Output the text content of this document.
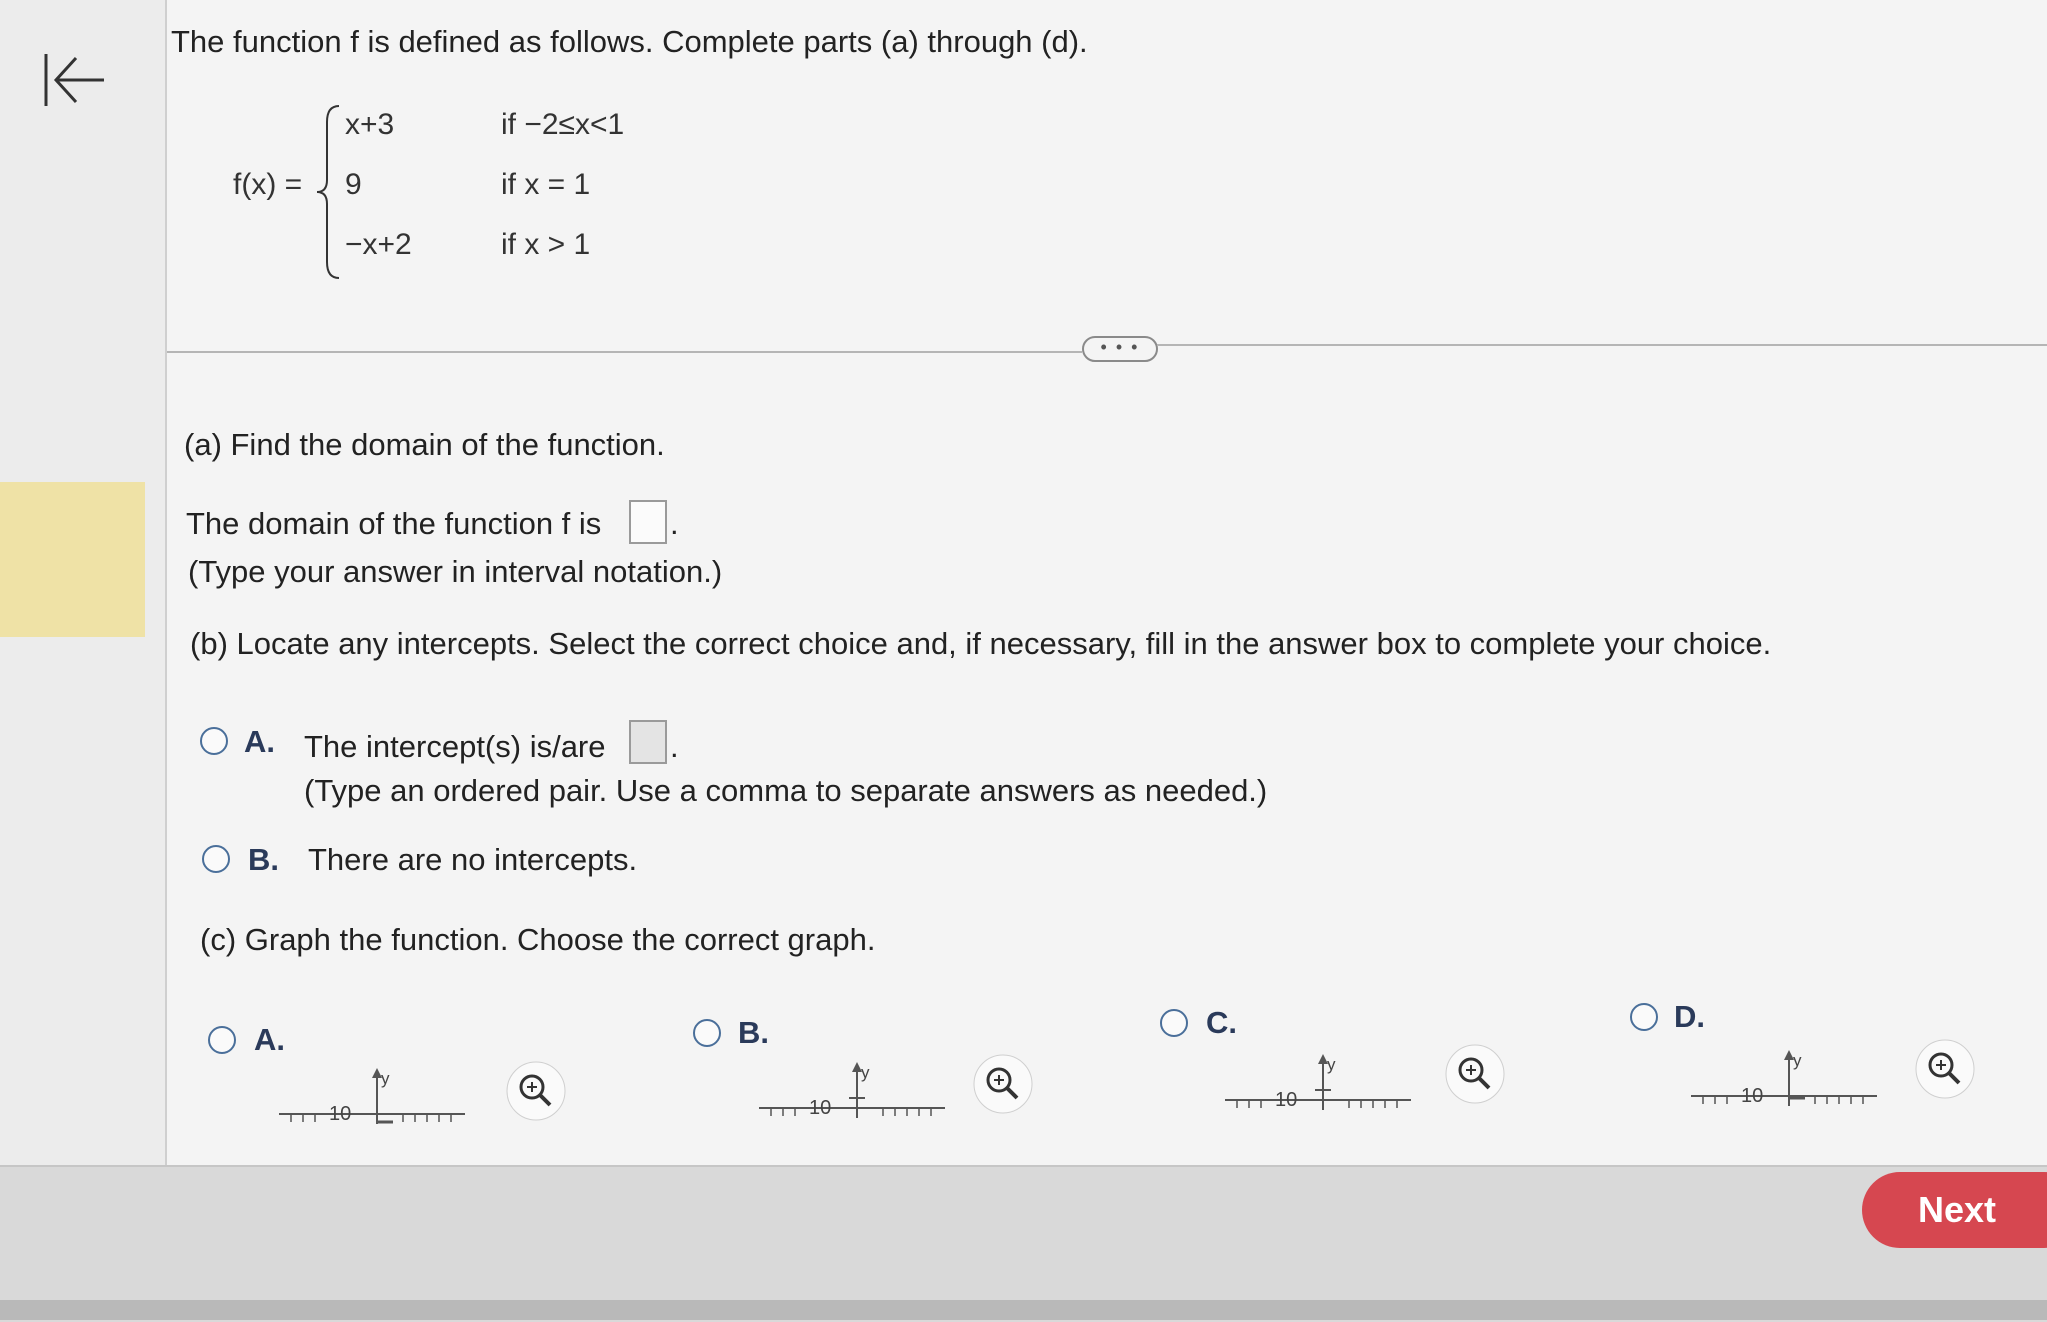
The function f is defined as follows. Complete parts (a) through (d).
f(x) =
x+3	if −2≤x<1
9	if x = 1
−x+2	if x > 1
• • •
(a) Find the domain of the function.
The domain of the function f is .
(Type your answer in interval notation.)
(b) Locate any intercepts. Select the correct choice and, if necessary, fill in the answer box to complete your choice.
A. The intercept(s) is/are .
(Type an ordered pair. Use a comma to separate answers as needed.)
B. There are no intercepts.
(c) Graph the function. Choose the correct graph.
A.
y
10
B.
y
10
C.
y
10
D.
y
10
Next
